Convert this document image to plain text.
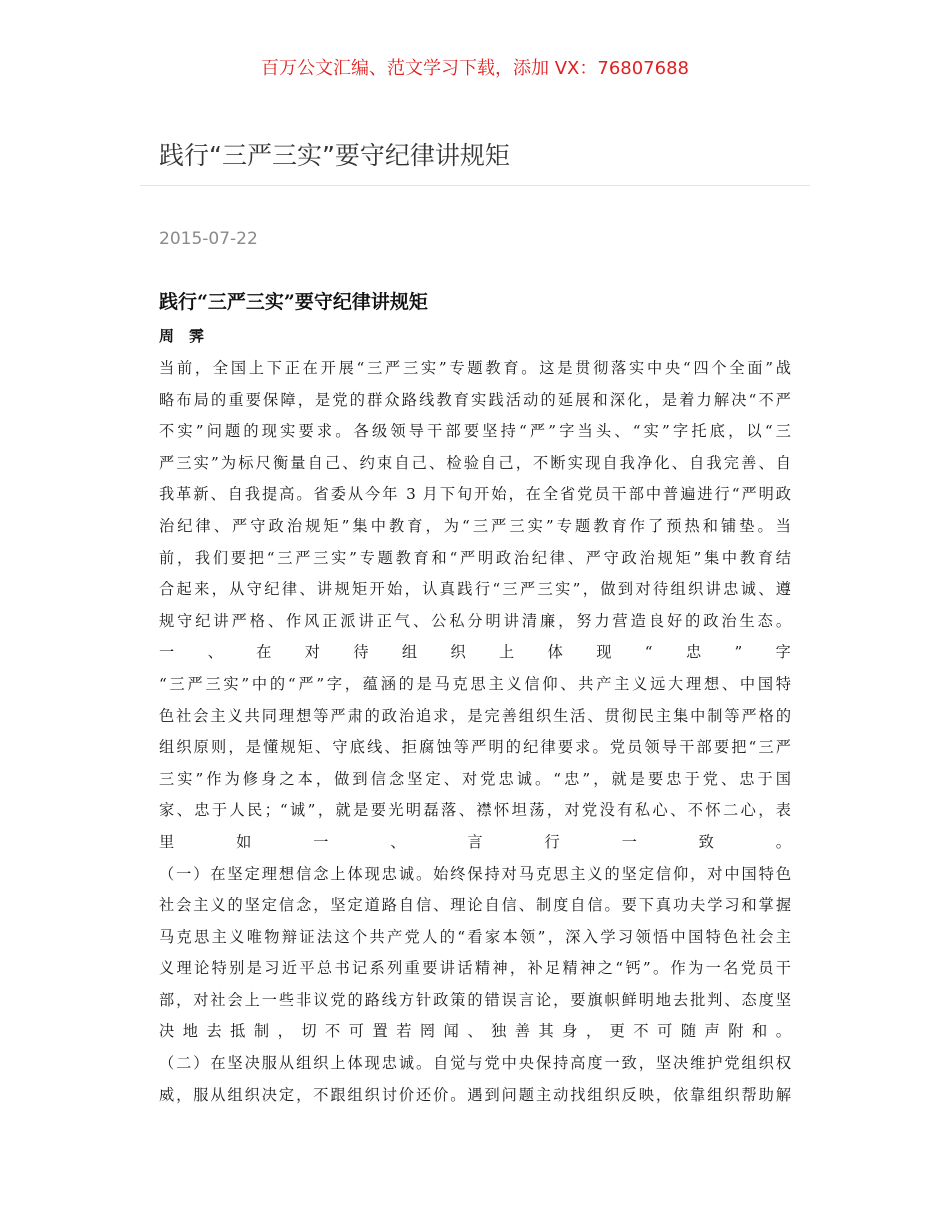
百万公文汇编、范文学习下载，添加 VX：76807688
践行“三严三实”要守纪律讲规矩
2015-07-22
践行“三严三实”要守纪律讲规矩
周　霁
当前，全国上下正在开展“三严三实”专题教育。这是贯彻落实中央“四个全面”战
略布局的重要保障，是党的群众路线教育实践活动的延展和深化，是着力解决“不严
不实”问题的现实要求。各级领导干部要坚持“严”字当头、“实”字托底，以“三
严三实”为标尺衡量自己、约束自己、检验自己，不断实现自我净化、自我完善、自
我革新、自我提高。省委从今年 3 月下旬开始，在全省党员干部中普遍进行“严明政
治纪律、严守政治规矩”集中教育，为“三严三实”专题教育作了预热和铺垫。当
前，我们要把“三严三实”专题教育和“严明政治纪律、严守政治规矩”集中教育结
合起来，从守纪律、讲规矩开始，认真践行“三严三实”，做到对待组织讲忠诚、遵
规守纪讲严格、作风正派讲正气、公私分明讲清廉，努力营造良好的政治生态。
一 、 在 对 待 组 织 上 体 现 “ 忠 ” 字
“三严三实”中的“严”字，蕴涵的是马克思主义信仰、共产主义远大理想、中国特
色社会主义共同理想等严肃的政治追求，是完善组织生活、贯彻民主集中制等严格的
组织原则，是懂规矩、守底线、拒腐蚀等严明的纪律要求。党员领导干部要把“三严
三实”作为修身之本，做到信念坚定、对党忠诚。“忠”，就是要忠于党、忠于国
家、忠于人民；“诚”，就是要光明磊落、襟怀坦荡，对党没有私心、不怀二心，表
里	如	一	、	言	行	一	致	。
（一）在坚定理想信念上体现忠诚。始终保持对马克思主义的坚定信仰，对中国特色
社会主义的坚定信念，坚定道路自信、理论自信、制度自信。要下真功夫学习和掌握
马克思主义唯物辩证法这个共产党人的“看家本领”，深入学习领悟中国特色社会主
义理论特别是习近平总书记系列重要讲话精神，补足精神之“钙”。作为一名党员干
部，对社会上一些非议党的路线方针政策的错误言论，要旗帜鲜明地去批判、态度坚
决 地 去 抵 制 ， 切 不 可 置 若 罔 闻 、 独 善 其 身 ， 更 不 可 随 声 附 和 。
（二）在坚决服从组织上体现忠诚。自觉与党中央保持高度一致，坚决维护党组织权
威，服从组织决定，不跟组织讨价还价。遇到问题主动找组织反映，依靠组织帮助解
